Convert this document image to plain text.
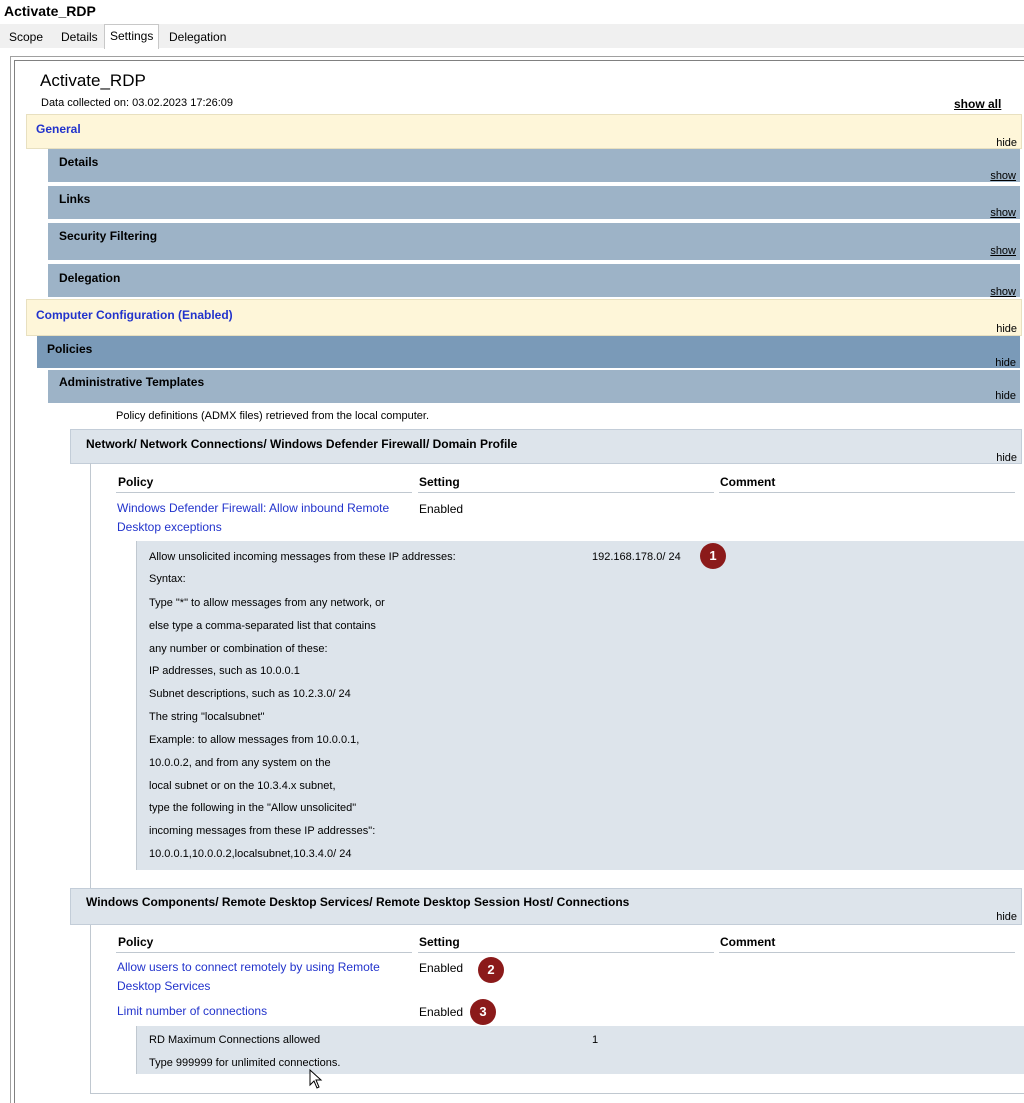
Activate_RDP
Scope	Details	Settings	Delegation
Activate_RDP
Data collected on: 03.02.2023 17:26:09	show all
General
hide
Details
show
Links
show
Security Filtering
show
Delegation
show
Computer Configuration (Enabled)
hide
Policies
hide
Administrative Templates
hide
Policy definitions (ADMX files) retrieved from the local computer.
Network/ Network Connections/ Windows Defender Firewall/ Domain Profile
hide
Policy	Setting	Comment
Windows Defender Firewall: Allow inbound Remote
Desktop exceptions
Enabled
Allow unsolicited incoming messages from these IP addresses:	192.168.178.0/ 24	1
Syntax:
Type "*" to allow messages from any network, or
else type a comma-separated list that contains
any number or combination of these:
IP addresses, such as 10.0.0.1
Subnet descriptions, such as 10.2.3.0/ 24
The string "localsubnet"
Example: to allow messages from 10.0.0.1,
10.0.0.2, and from any system on the
local subnet or on the 10.3.4.x subnet,
type the following in the "Allow unsolicited"
incoming messages from these IP addresses":
10.0.0.1,10.0.0.2,localsubnet,10.3.4.0/ 24
Windows Components/ Remote Desktop Services/ Remote Desktop Session Host/ Connections
hide
Policy	Setting	Comment
Allow users to connect remotely by using Remote
Desktop Services
Enabled	2
Limit number of connections	Enabled	3
RD Maximum Connections allowed	1
Type 999999 for unlimited connections.
